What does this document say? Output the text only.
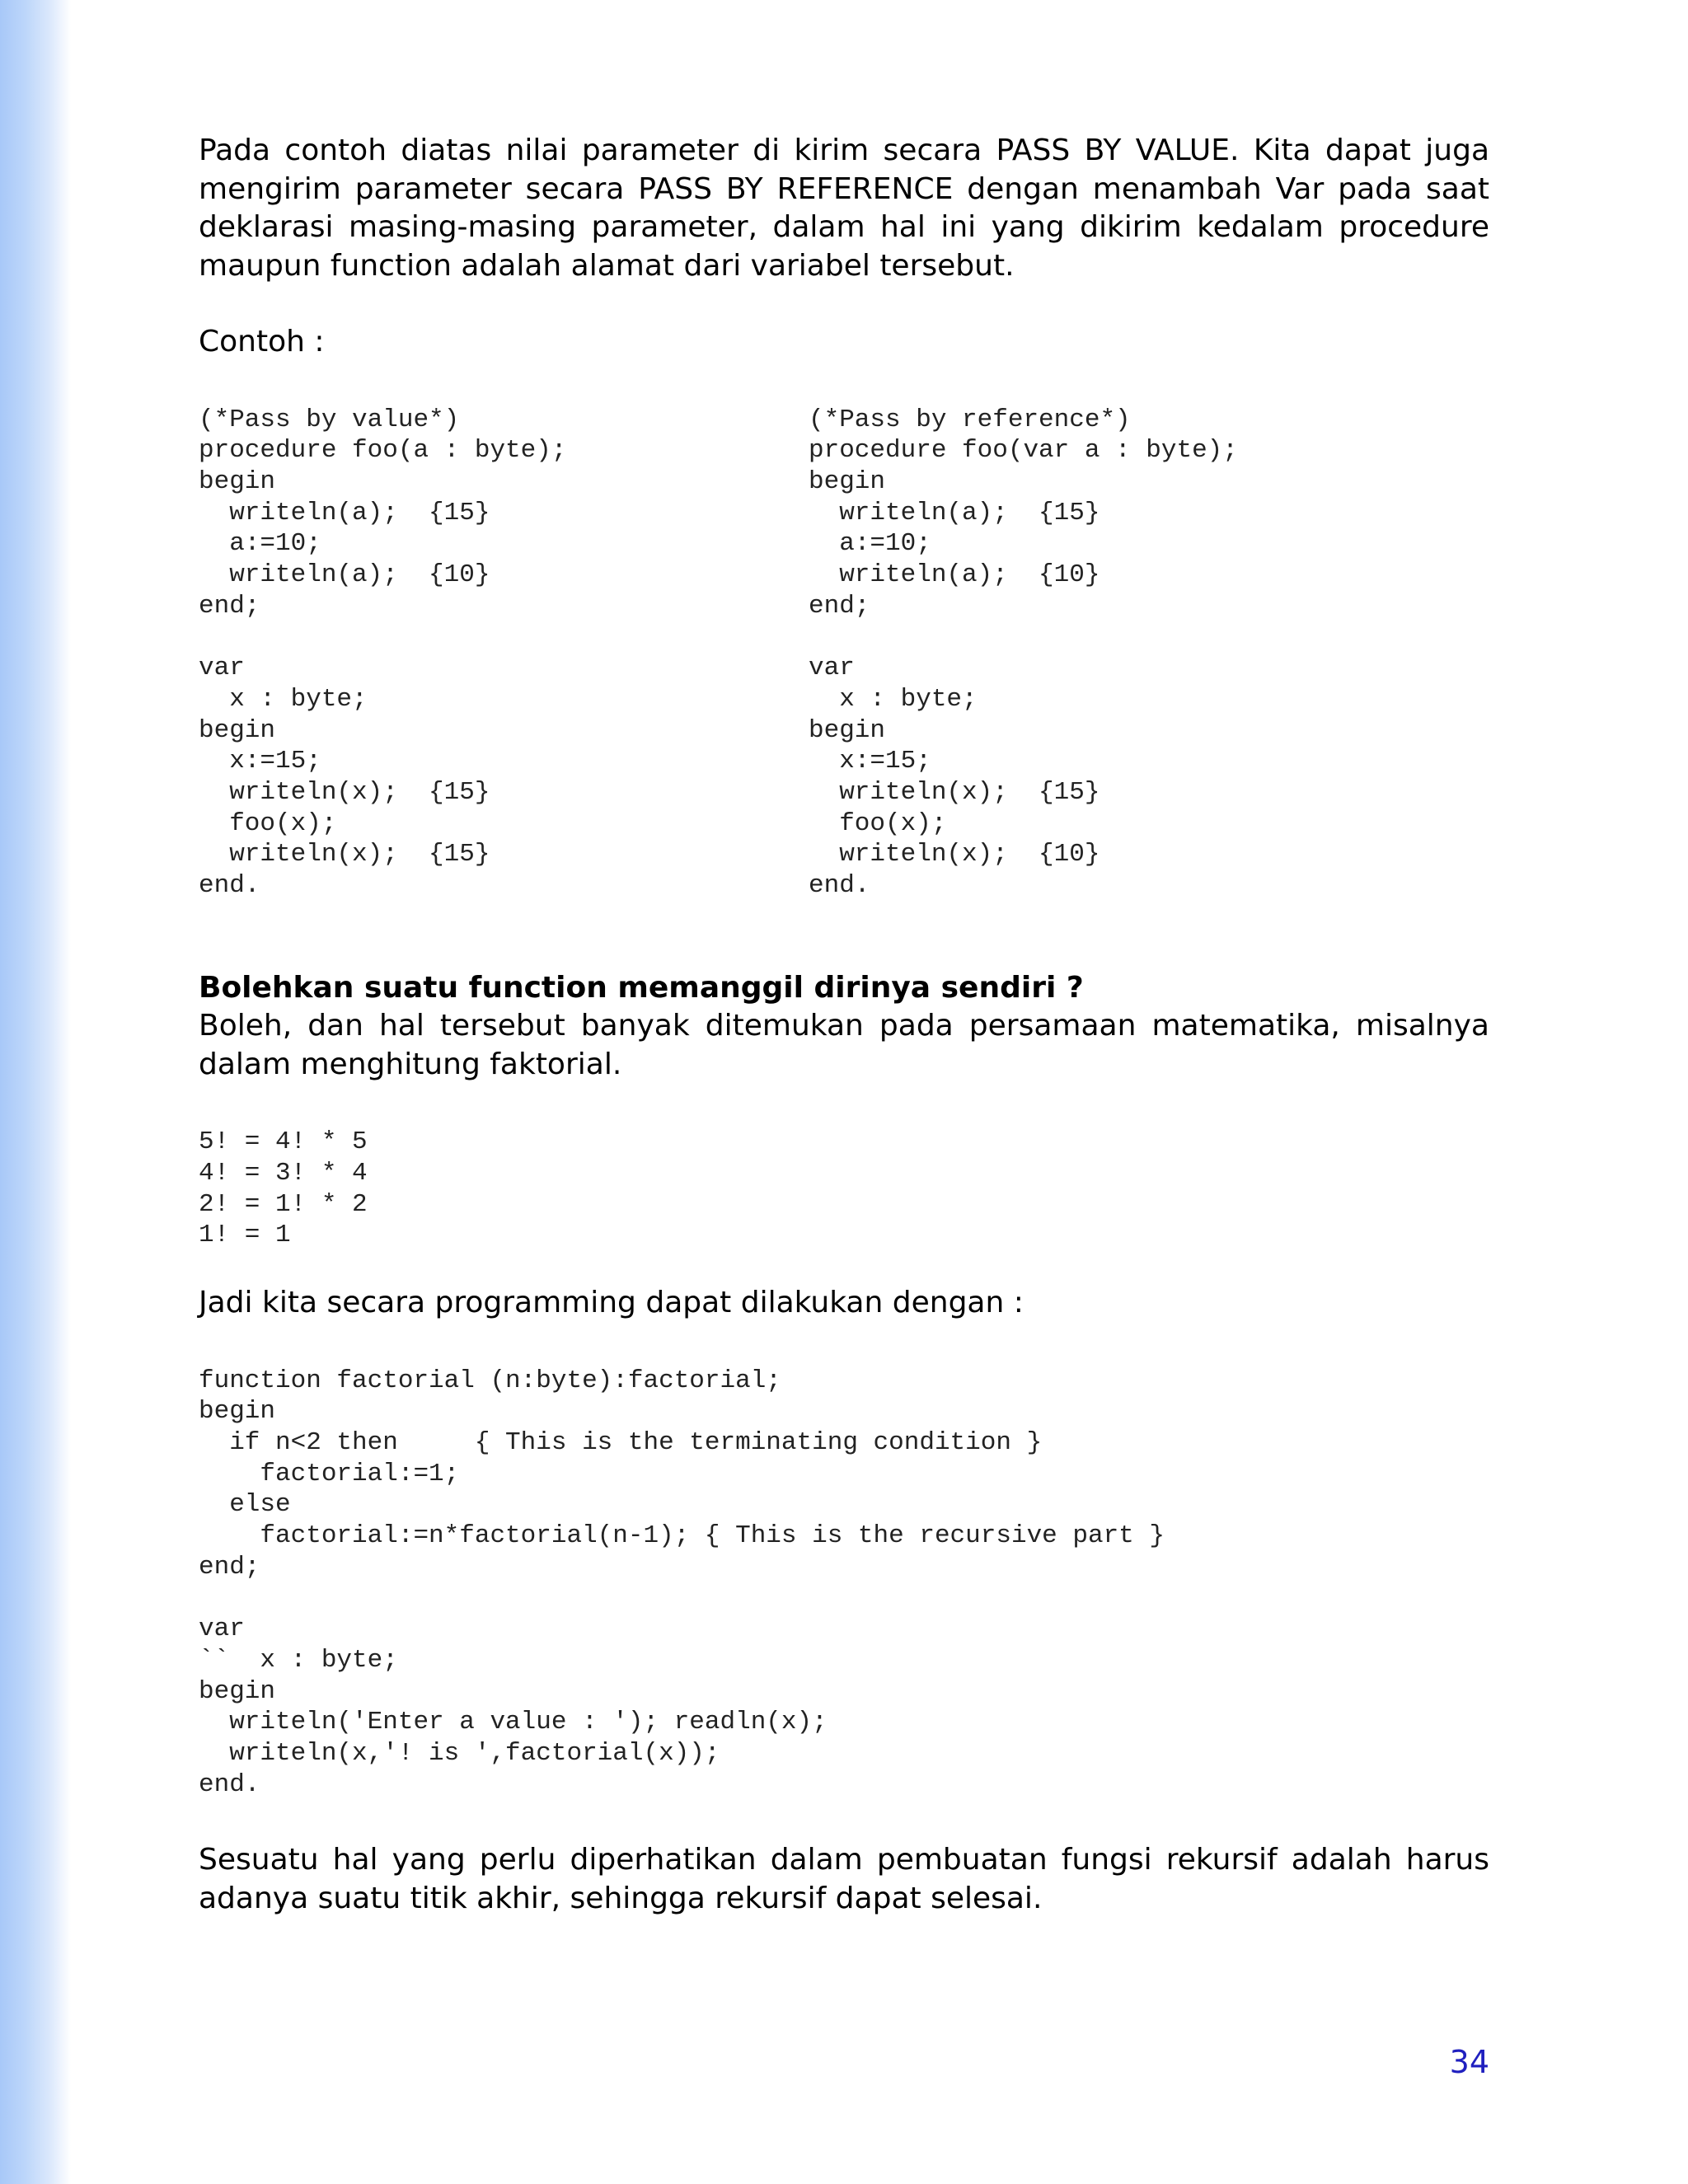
Pada contoh diatas nilai parameter di kirim secara PASS BY VALUE. Kita dapat juga mengirim parameter secara PASS BY REFERENCE dengan menambah Var pada saat deklarasi masing-masing parameter, dalam hal ini yang dikirim kedalam procedure maupun function adalah alamat dari variabel tersebut.

Contoh :

(*Pass by value*)
procedure foo(a : byte);
begin
writeln(a);  {15}
a:=10;
writeln(a);  {10}
end;

var
x : byte;
begin
x:=15;
writeln(x);  {15}
foo(x);
writeln(x);  {15}
end.
(*Pass by reference*)
procedure foo(var a : byte);
begin
writeln(a);  {15}
a:=10;
writeln(a);  {10}
end;

var
x : byte;
begin
x:=15;
writeln(x);  {15}
foo(x);
writeln(x);  {10}
end.

Bolehkan suatu function memanggil dirinya sendiri ?

Boleh, dan hal tersebut banyak ditemukan pada persamaan matematika, misalnya dalam menghitung faktorial.

5! = 4! * 5
4! = 3! * 4
2! = 1! * 2
1! = 1

Jadi kita secara programming dapat dilakukan dengan :

function factorial (n:byte):factorial;
begin
if n<2 then     { This is the terminating condition }
factorial:=1;
else
factorial:=n*factorial(n-1); { This is the recursive part }
end;

var
``  x : byte;
begin
writeln('Enter a value : '); readln(x);
writeln(x,'! is ',factorial(x));
end.

Sesuatu hal yang perlu diperhatikan dalam pembuatan fungsi rekursif adalah harus adanya suatu titik akhir, sehingga rekursif dapat selesai.

34
